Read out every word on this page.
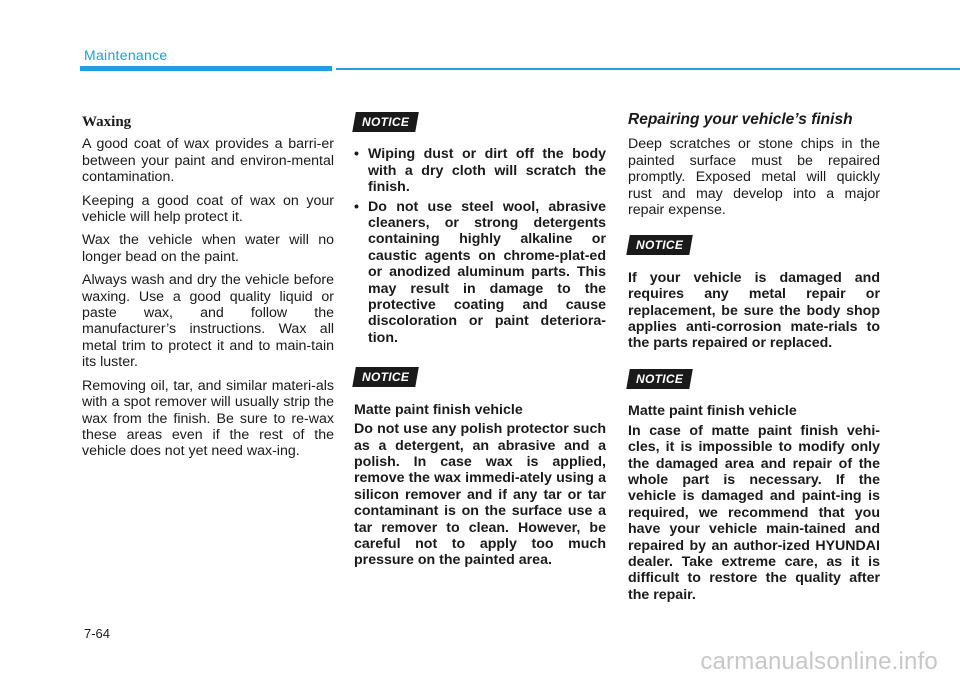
Maintenance
Waxing

A good coat of wax provides a barri-er between your paint and environ-mental contamination.

Keeping a good coat of wax on your vehicle will help protect it.

Wax the vehicle when water will no longer bead on the paint.

Always wash and dry the vehicle before waxing. Use a good quality liquid or paste wax, and follow the manufacturer’s instructions. Wax all metal trim to protect it and to main-tain its luster.

Removing oil, tar, and similar materi-als with a spot remover will usually strip the wax from the finish. Be sure to re-wax these areas even if the rest of the vehicle does not yet need wax-ing.

NOTICE
• Wiping dust or dirt off the body with a dry cloth will scratch the finish.
• Do not use steel wool, abrasive cleaners, or strong detergents containing highly alkaline or caustic agents on chrome-plat-ed or anodized aluminum parts. This may result in damage to the protective coating and cause discoloration or paint deteriora-tion.
NOTICE

Matte paint finish vehicle

Do not use any polish protector such as a detergent, an abrasive and a polish. In case wax is applied, remove the wax immedi-ately using a silicon remover and if any tar or tar contaminant is on the surface use a tar remover to clean. However, be careful not to apply too much pressure on the painted area.

Repairing your vehicle’s finish

Deep scratches or stone chips in the painted surface must be repaired promptly. Exposed metal will quickly rust and may develop into a major repair expense.

NOTICE

If your vehicle is damaged and requires any metal repair or replacement, be sure the body shop applies anti-corrosion mate-rials to the parts repaired or replaced.

NOTICE

Matte paint finish vehicle

In case of matte paint finish vehi-cles, it is impossible to modify only the damaged area and repair of the whole part is necessary. If the vehicle is damaged and paint-ing is required, we recommend that you have your vehicle main-tained and repaired by an author-ized HYUNDAI dealer. Take extreme care, as it is difficult to restore the quality after the repair.

7-64
carmanualsonline.info
